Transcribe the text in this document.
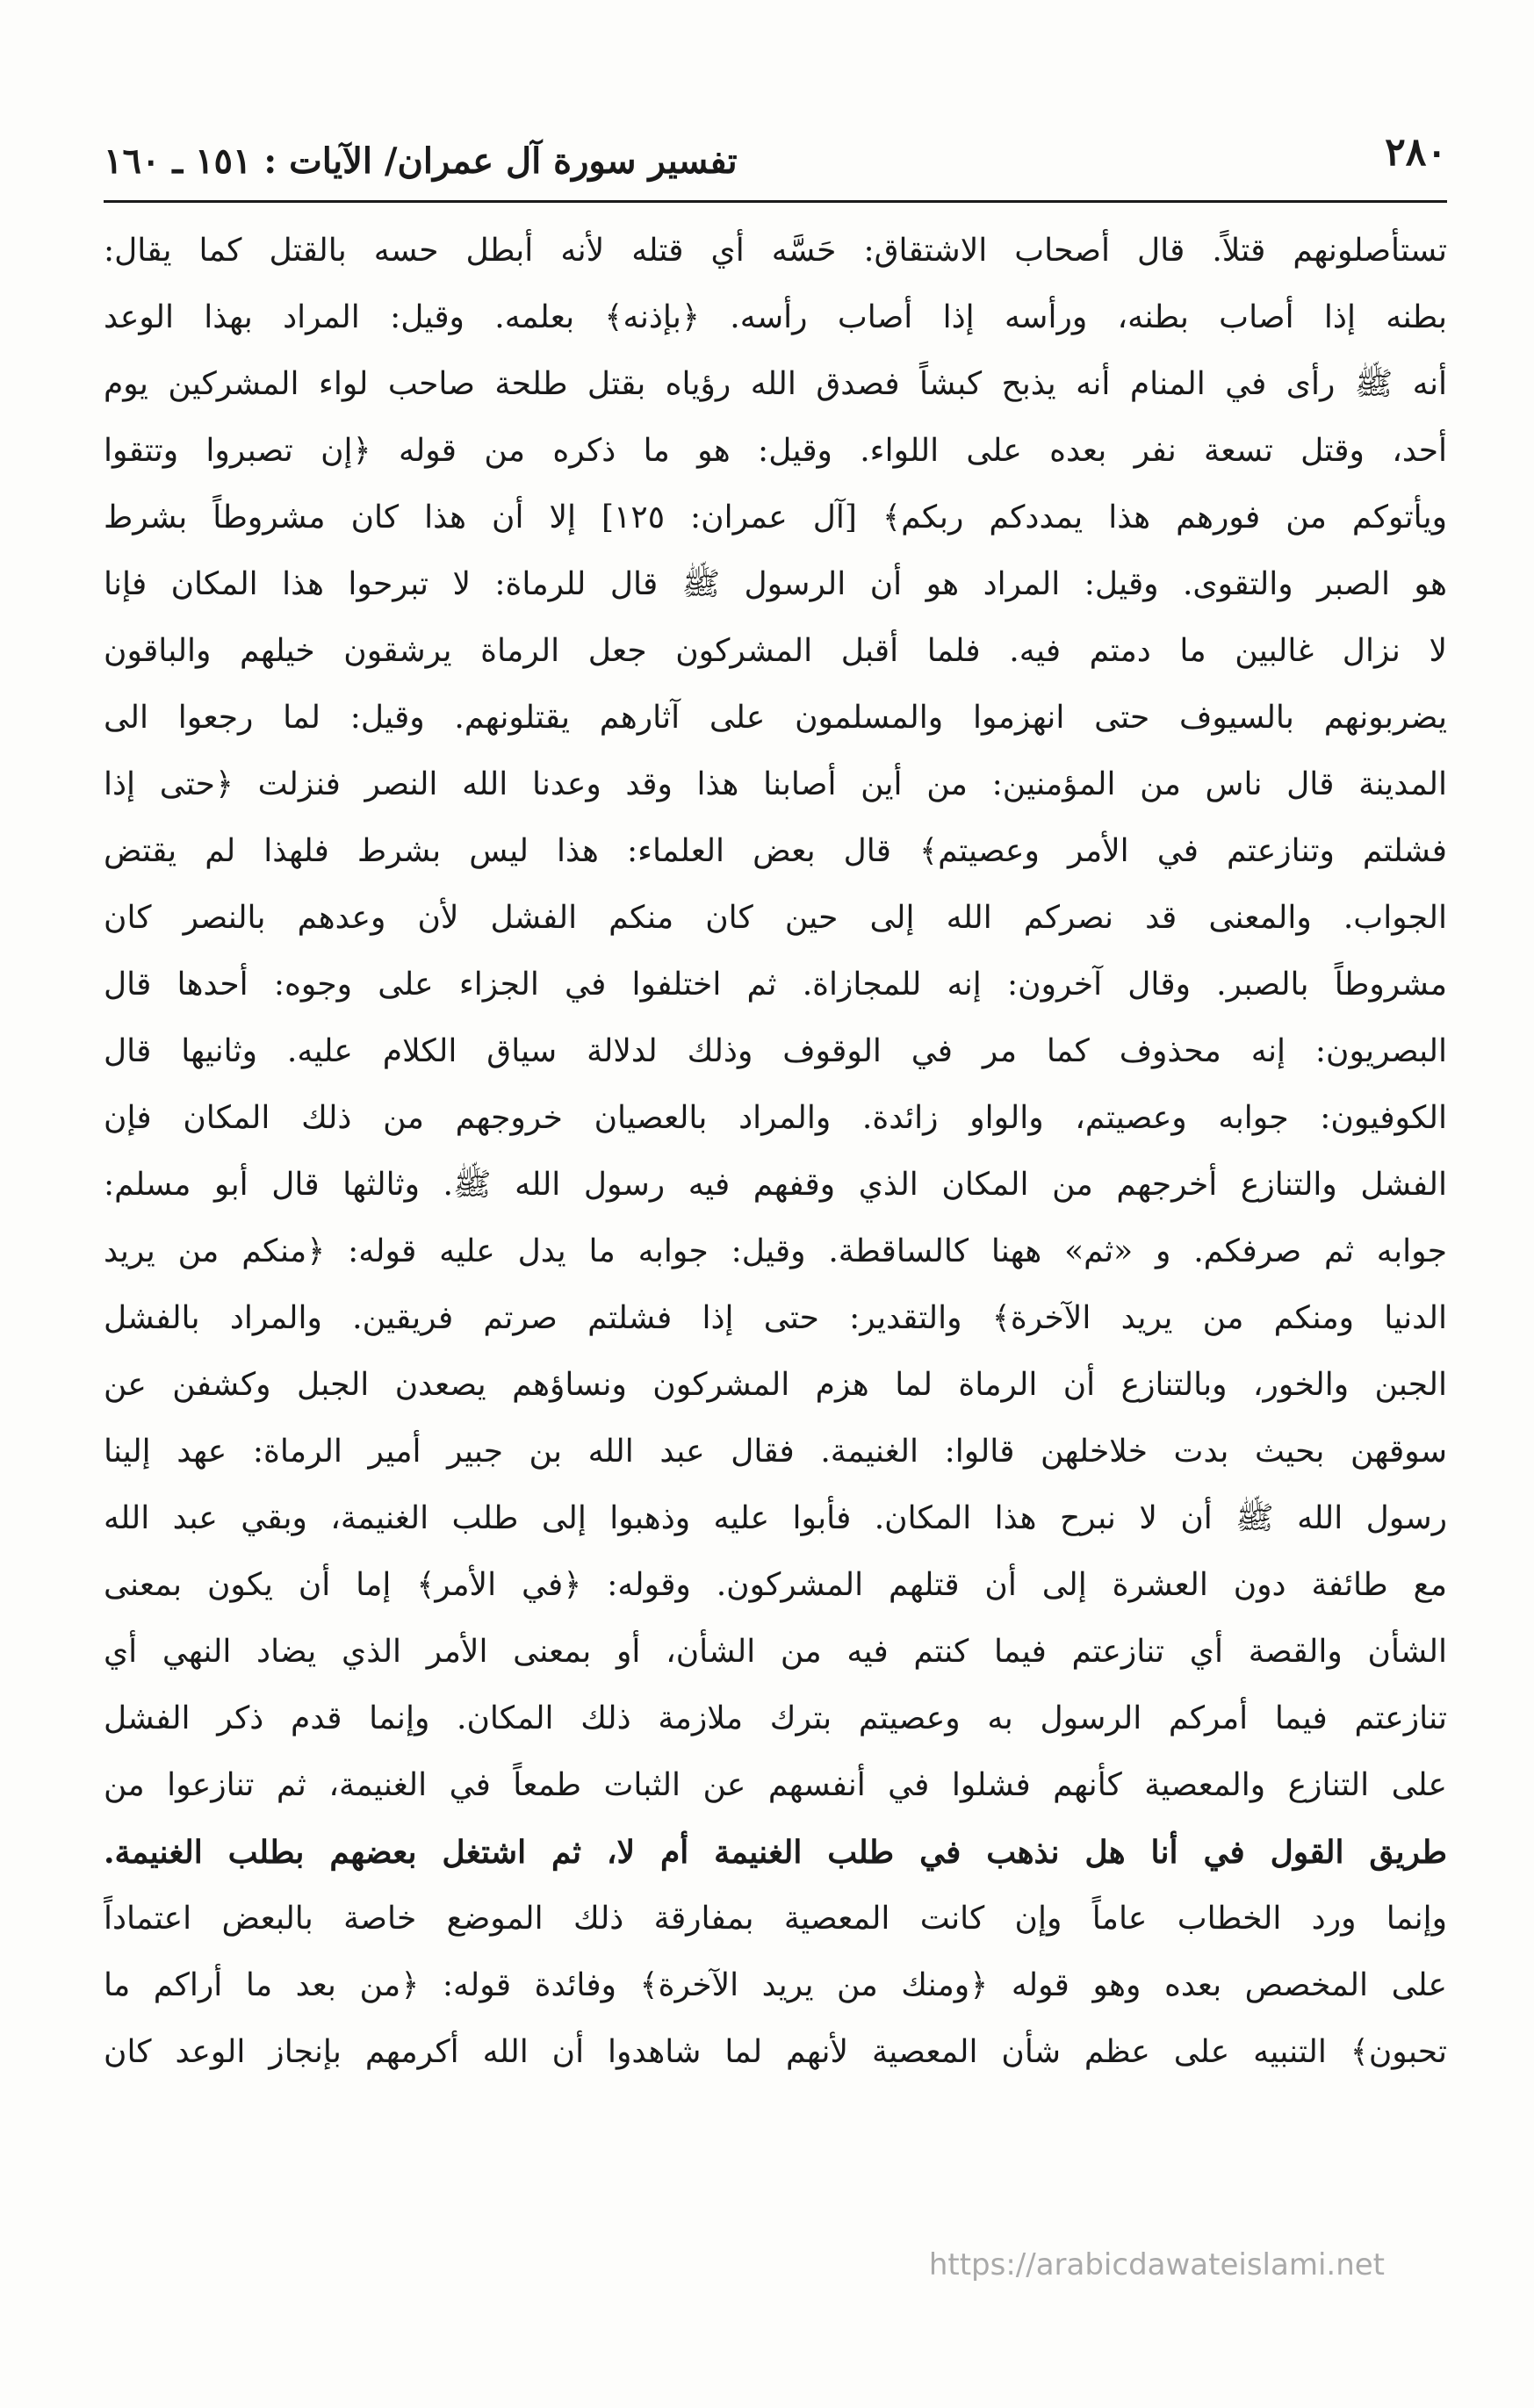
٢٨٠
تفسير سورة آل عمران/ الآيات : ١٥١ ـ ١٦٠
تستأصلونهم قتلاً. قال أصحاب الاشتقاق: حَسَّه أي قتله لأنه أبطل حسه بالقتل كما يقال:
بطنه إذا أصاب بطنه، ورأسه إذا أصاب رأسه. ﴿بإذنه﴾ بعلمه. وقيل: المراد بهذا الوعد
أنه ﷺ رأى في المنام أنه يذبح كبشاً فصدق الله رؤياه بقتل طلحة صاحب لواء المشركين يوم
أحد، وقتل تسعة نفر بعده على اللواء. وقيل: هو ما ذكره من قوله ﴿إن تصبروا وتتقوا
ويأتوكم من فورهم هذا يمددكم ربكم﴾ [آل عمران: ١٢٥] إلا أن هذا كان مشروطاً بشرط
هو الصبر والتقوى. وقيل: المراد هو أن الرسول ﷺ قال للرماة: لا تبرحوا هذا المكان فإنا
لا نزال غالبين ما دمتم فيه. فلما أقبل المشركون جعل الرماة يرشقون خيلهم والباقون
يضربونهم بالسيوف حتى انهزموا والمسلمون على آثارهم يقتلونهم. وقيل: لما رجعوا الى
المدينة قال ناس من المؤمنين: من أين أصابنا هذا وقد وعدنا الله النصر فنزلت ﴿حتى إذا
فشلتم وتنازعتم في الأمر وعصيتم﴾ قال بعض العلماء: هذا ليس بشرط فلهذا لم يقتض
الجواب. والمعنى قد نصركم الله إلى حين كان منكم الفشل لأن وعدهم بالنصر كان
مشروطاً بالصبر. وقال آخرون: إنه للمجازاة. ثم اختلفوا في الجزاء على وجوه: أحدها قال
البصريون: إنه محذوف كما مر في الوقوف وذلك لدلالة سياق الكلام عليه. وثانيها قال
الكوفيون: جوابه وعصيتم، والواو زائدة. والمراد بالعصيان خروجهم من ذلك المكان فإن
الفشل والتنازع أخرجهم من المكان الذي وقفهم فيه رسول الله ﷺ. وثالثها قال أبو مسلم:
جوابه ثم صرفكم. و «ثم» ههنا كالساقطة. وقيل: جوابه ما يدل عليه قوله: ﴿منكم من يريد
الدنيا ومنكم من يريد الآخرة﴾ والتقدير: حتى إذا فشلتم صرتم فريقين. والمراد بالفشل
الجبن والخور، وبالتنازع أن الرماة لما هزم المشركون ونساؤهم يصعدن الجبل وكشفن عن
سوقهن بحيث بدت خلاخلهن قالوا: الغنيمة. فقال عبد الله بن جبير أمير الرماة: عهد إلينا
رسول الله ﷺ أن لا نبرح هذا المكان. فأبوا عليه وذهبوا إلى طلب الغنيمة، وبقي عبد الله
مع طائفة دون العشرة إلى أن قتلهم المشركون. وقوله: ﴿في الأمر﴾ إما أن يكون بمعنى
الشأن والقصة أي تنازعتم فيما كنتم فيه من الشأن، أو بمعنى الأمر الذي يضاد النهي أي
تنازعتم فيما أمركم الرسول به وعصيتم بترك ملازمة ذلك المكان. وإنما قدم ذكر الفشل
على التنازع والمعصية كأنهم فشلوا في أنفسهم عن الثبات طمعاً في الغنيمة، ثم تنازعوا من
طريق القول في أنا هل نذهب في طلب الغنيمة أم لا، ثم اشتغل بعضهم بطلب الغنيمة.
وإنما ورد الخطاب عاماً وإن كانت المعصية بمفارقة ذلك الموضع خاصة بالبعض اعتماداً
على المخصص بعده وهو قوله ﴿ومنك من يريد الآخرة﴾ وفائدة قوله: ﴿من بعد ما أراكم ما
تحبون﴾ التنبيه على عظم شأن المعصية لأنهم لما شاهدوا أن الله أكرمهم بإنجاز الوعد كان
https://arabicdawateislami.net
